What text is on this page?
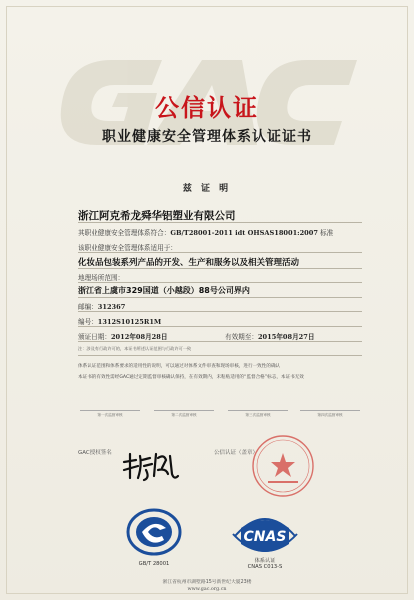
公信认证
职业健康安全管理体系认证证书
兹 证 明
浙江阿克希龙舜华铝塑业有限公司
其职业健康安全管理体系符合：GB/T28001-2011 idt OHSAS18001:2007 标准
该职业健康安全管理体系适用于：
化妆品包装系列产品的开发、生产和服务以及相关管理活动
地理场所范围：
浙江省上虞市329国道（小越段）88号公司界内
邮编：312367
编号：1312S10125R1M
颁证日期：2012年08月28日	有效期至：2015年08月27日
注：涉及有行政许可的，本证书所述认证范围与行政许可一致
体系认证范围和体系要求的适用性的说明，可以通过对体系文件审查和现场审核，进行一致性的确认
本证书的有效性需经GAC通过定期监督审核确认保持，在有效期内，未粘贴适用的“监督合格”标志，本证书无效
第一次监督审核	第二次监督审核	第三次监督审核	第四次监督审核
GAC授权签名	公信认证（盖章）
GB/T 28001
CNAS
体系认证
CNAS C013-S
浙江省杭州市湖墅路15号新世纪大厦23楼
www.gac.org.cn
